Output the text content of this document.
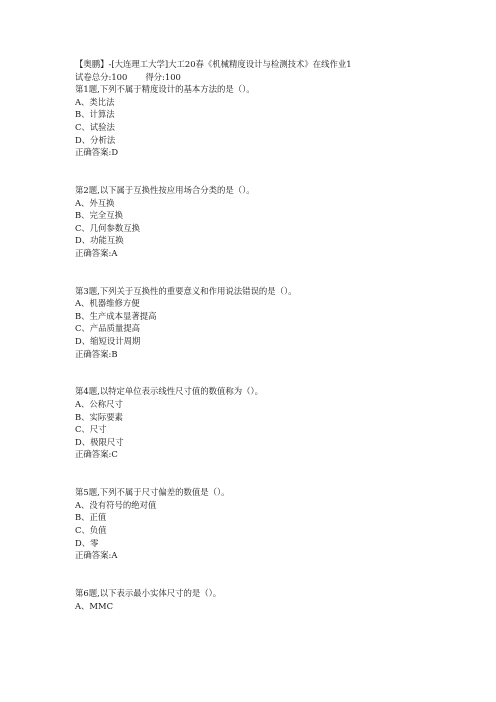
【奥鹏】-[大连理工大学]大工20春《机械精度设计与检测技术》在线作业1
试卷总分:100 得分:100
第1题,下列不属于精度设计的基本方法的是（）。
A、类比法
B、计算法
C、试验法
D、分析法
正确答案:D
第2题,以下属于互换性按应用场合分类的是（）。
A、外互换
B、完全互换
C、几何参数互换
D、功能互换
正确答案:A
第3题,下列关于互换性的重要意义和作用说法错误的是（）。
A、机器维修方便
B、生产成本显著提高
C、产品质量提高
D、缩短设计周期
正确答案:B
第4题,以特定单位表示线性尺寸值的数值称为（）。
A、公称尺寸
B、实际要素
C、尺寸
D、极限尺寸
正确答案:C
第5题,下列不属于尺寸偏差的数值是（）。
A、没有符号的绝对值
B、正值
C、负值
D、零
正确答案:A
第6题,以下表示最小实体尺寸的是（）。
A、MMC
